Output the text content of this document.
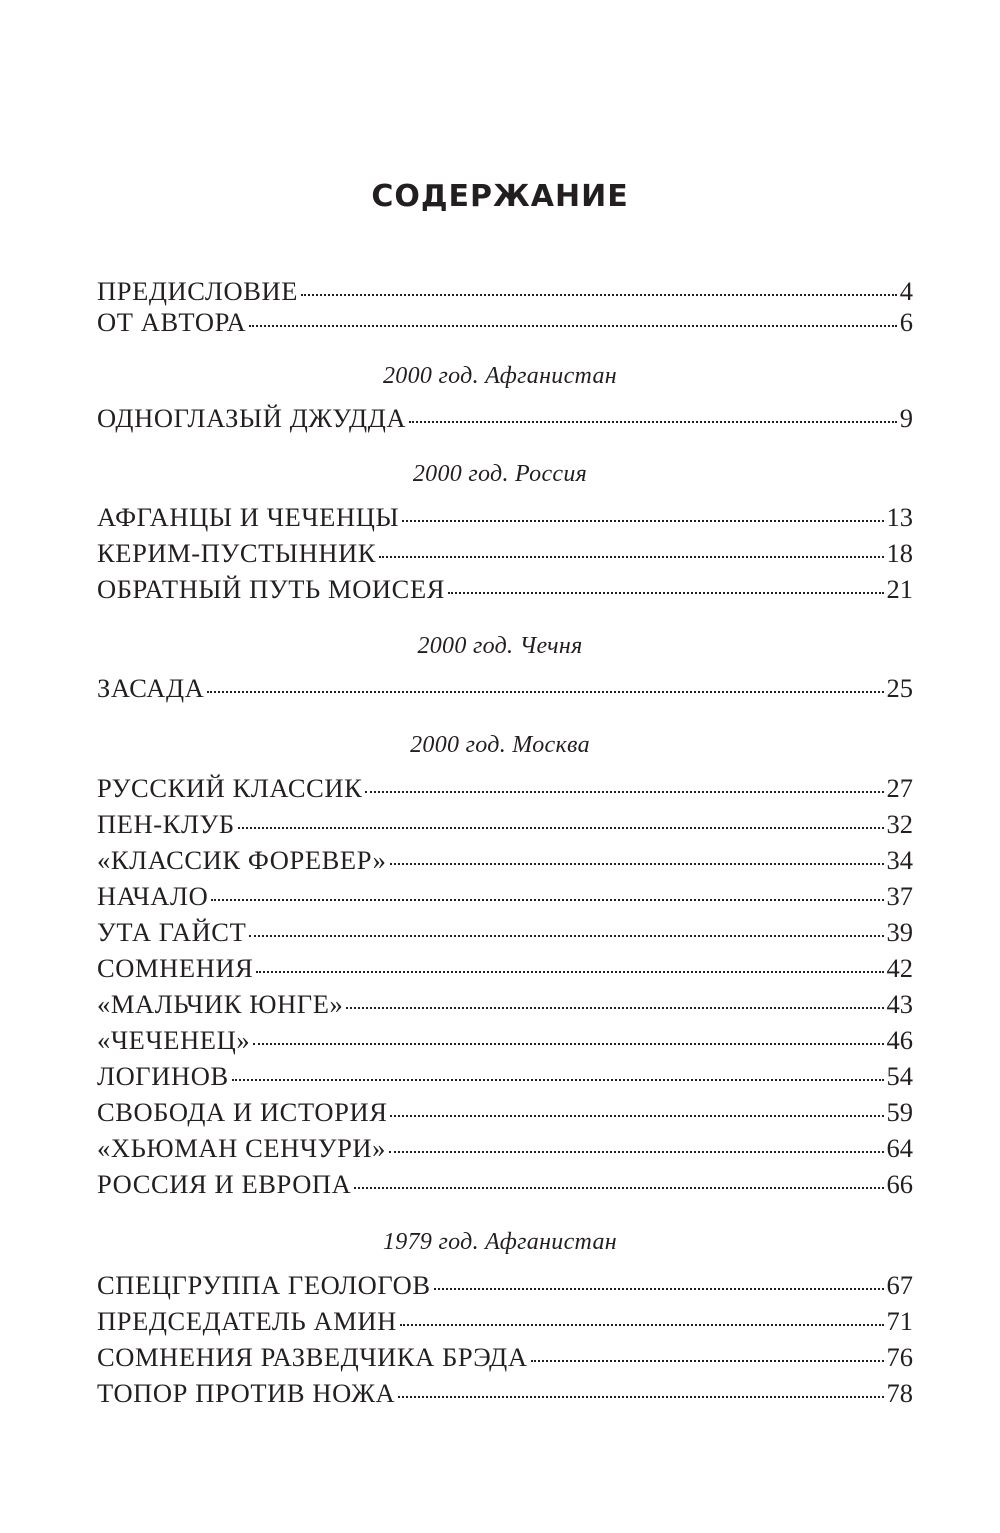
СОДЕРЖАНИЕ
ПРЕДИСЛОВИЕ	4
ОТ АВТОРА	6
2000 год. Афганистан
ОДНОГЛАЗЫЙ ДЖУДДА	9
2000 год. Россия
АФГАНЦЫ И ЧЕЧЕНЦЫ	13
КЕРИМ-ПУСТЫННИК	18
ОБРАТНЫЙ ПУТЬ МОИСЕЯ	21
2000 год. Чечня
ЗАСАДА	25
2000 год. Москва
РУССКИЙ КЛАССИК	27
ПЕН-КЛУБ	32
«КЛАССИК ФОРЕВЕР»	34
НАЧАЛО	37
УТА ГАЙСТ	39
СОМНЕНИЯ	42
«МАЛЬЧИК ЮНГЕ»	43
«ЧЕЧЕНЕЦ»	46
ЛОГИНОВ	54
СВОБОДА И ИСТОРИЯ	59
«ХЬЮМАН СЕНЧУРИ»	64
РОССИЯ И ЕВРОПА	66
1979 год. Афганистан
СПЕЦГРУППА ГЕОЛОГОВ	67
ПРЕДСЕДАТЕЛЬ АМИН	71
СОМНЕНИЯ РАЗВЕДЧИКА БРЭДА	76
ТОПОР ПРОТИВ НОЖА	78
